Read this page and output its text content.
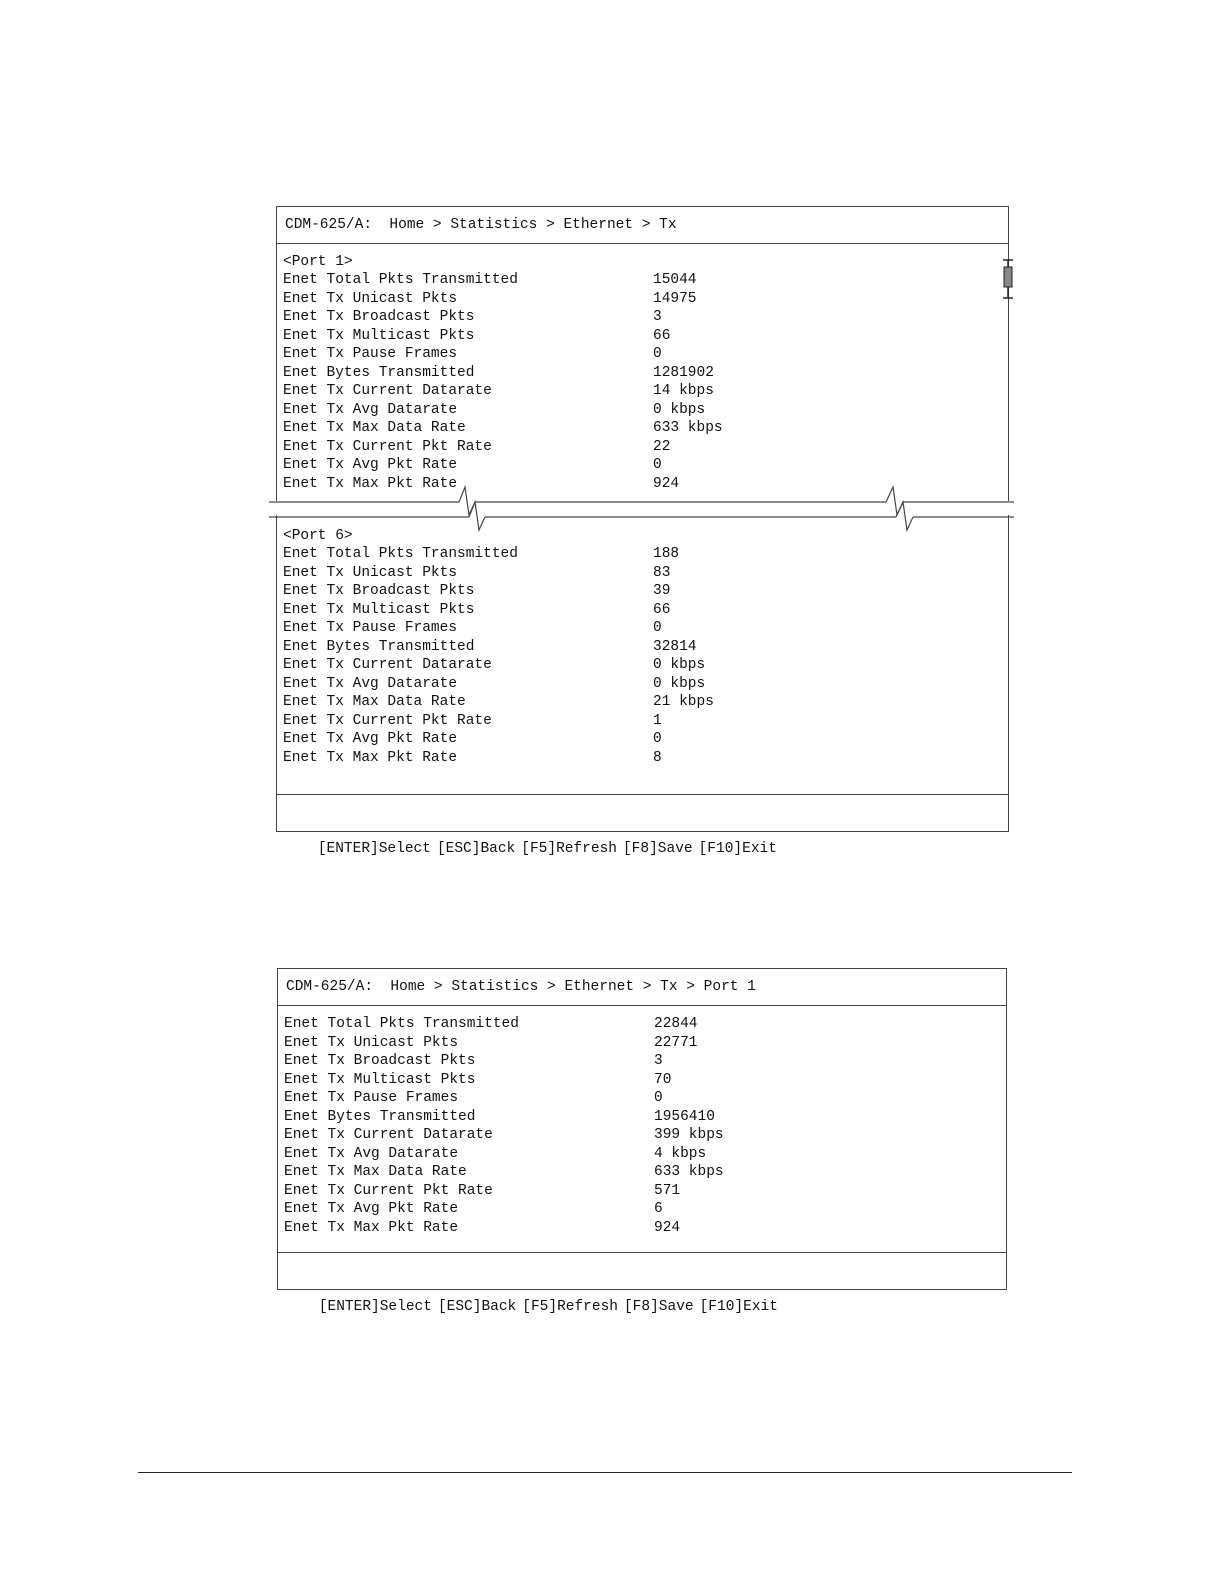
CDM-625/A:  Home > Statistics > Ethernet > Tx
<Port 1>
Enet Total Pkts Transmitted	15044
Enet Tx Unicast Pkts	14975
Enet Tx Broadcast Pkts	3
Enet Tx Multicast Pkts	66
Enet Tx Pause Frames	0
Enet Bytes Transmitted	1281902
Enet Tx Current Datarate	14 kbps
Enet Tx Avg Datarate	0 kbps
Enet Tx Max Data Rate	633 kbps
Enet Tx Current Pkt Rate	22
Enet Tx Avg Pkt Rate	0
Enet Tx Max Pkt Rate	924
<Port 6>
Enet Total Pkts Transmitted	188
Enet Tx Unicast Pkts	83
Enet Tx Broadcast Pkts	39
Enet Tx Multicast Pkts	66
Enet Tx Pause Frames	0
Enet Bytes Transmitted	32814
Enet Tx Current Datarate	0 kbps
Enet Tx Avg Datarate	0 kbps
Enet Tx Max Data Rate	21 kbps
Enet Tx Current Pkt Rate	1
Enet Tx Avg Pkt Rate	0
Enet Tx Max Pkt Rate	8

[ENTER]Select [ESC]Back [F5]Refresh [F8]Save [F10]Exit

CDM-625/A:  Home > Statistics > Ethernet > Tx > Port 1
Enet Total Pkts Transmitted	22844
Enet Tx Unicast Pkts	22771
Enet Tx Broadcast Pkts	3
Enet Tx Multicast Pkts	70
Enet Tx Pause Frames	0
Enet Bytes Transmitted	1956410
Enet Tx Current Datarate	399 kbps
Enet Tx Avg Datarate	4 kbps
Enet Tx Max Data Rate	633 kbps
Enet Tx Current Pkt Rate	571
Enet Tx Avg Pkt Rate	6
Enet Tx Max Pkt Rate	924

[ENTER]Select [ESC]Back [F5]Refresh [F8]Save [F10]Exit
